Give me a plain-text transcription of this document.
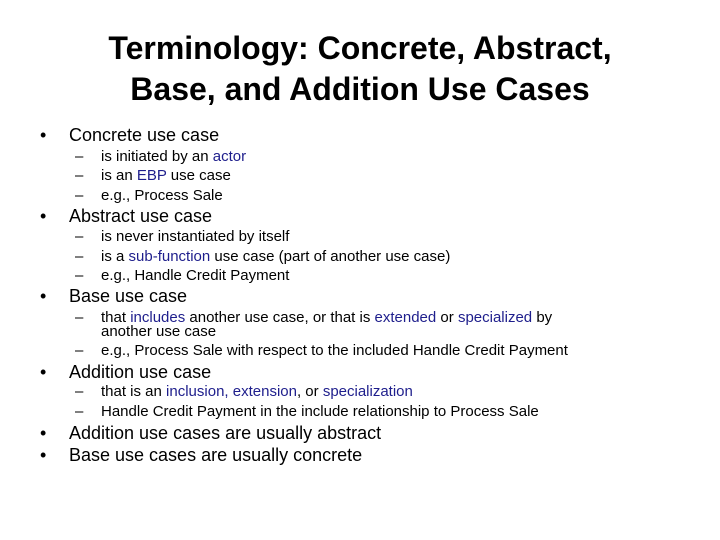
Terminology: Concrete, Abstract,
Base, and Addition Use Cases
• Concrete use case
– is initiated by an actor
– is an EBP use case
– e.g., Process Sale
• Abstract use case
– is never instantiated by itself
– is a sub-function use case (part of another use case)
– e.g., Handle Credit Payment
• Base use case
– that includes another use case, or that is extended or specialized by
another use case
– e.g., Process Sale with respect to the included Handle Credit Payment
• Addition use case
– that is an inclusion, extension, or specialization
– Handle Credit Payment in the include relationship to Process Sale
• Addition use cases are usually abstract
• Base use cases are usually concrete
